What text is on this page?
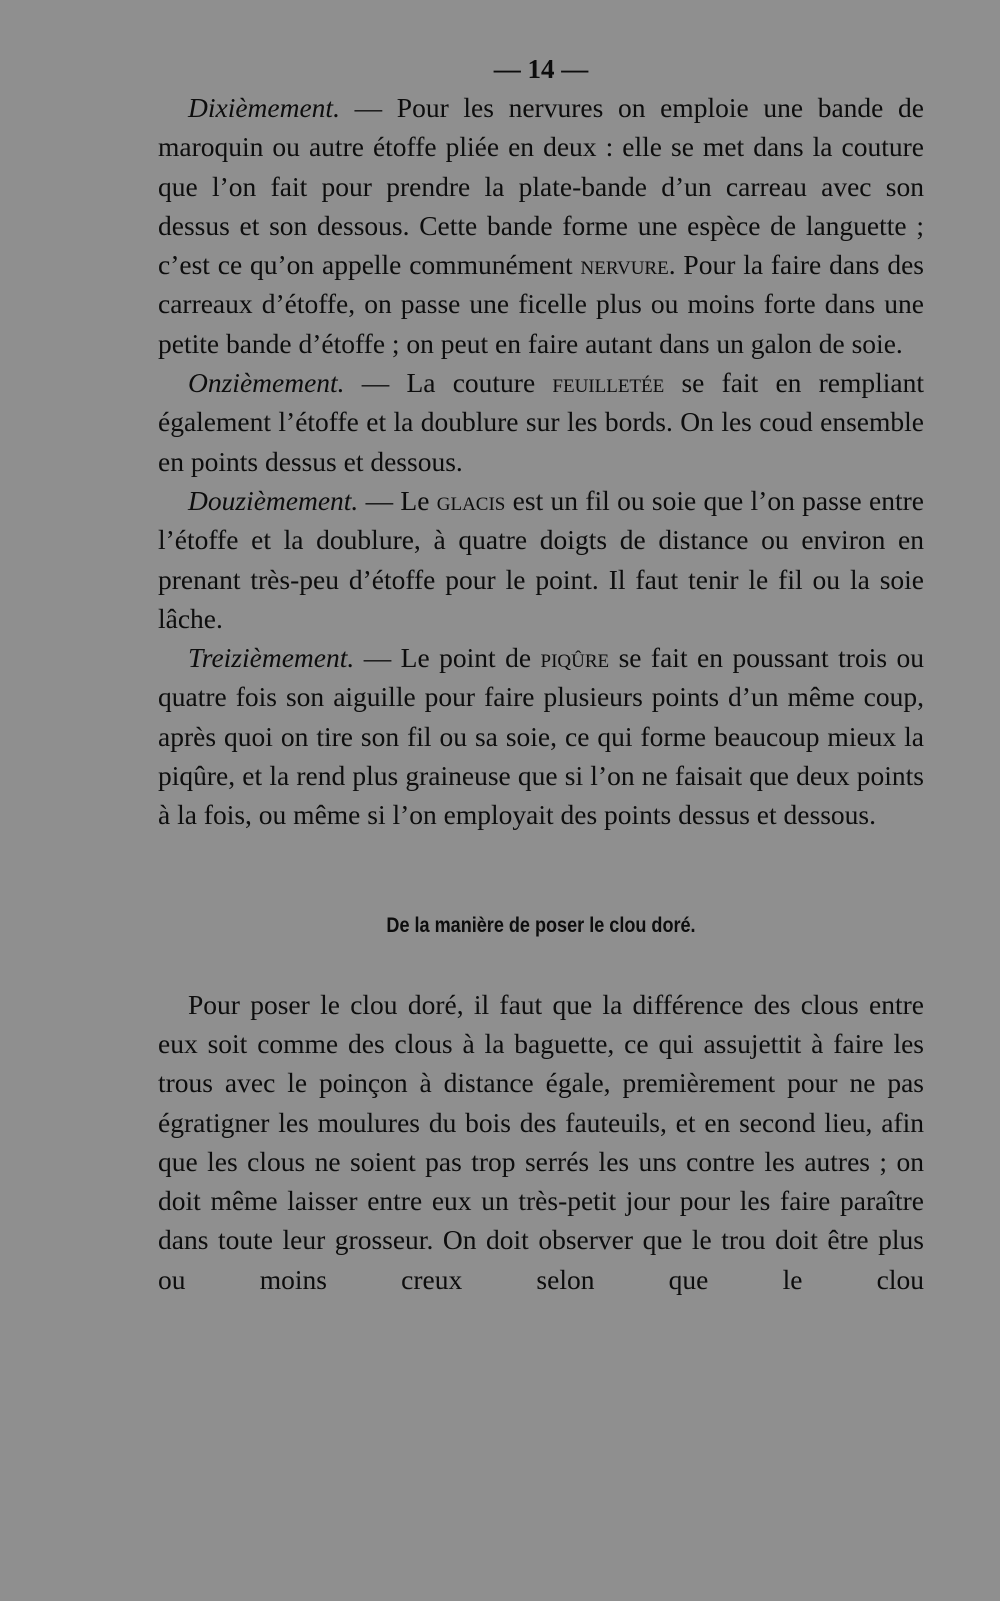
— 14 —

Dixièmement. — Pour les nervures on emploie une bande de maroquin ou autre étoffe pliée en deux : elle se met dans la couture que l’on fait pour prendre la plate-bande d’un carreau avec son dessus et son dessous. Cette bande forme une espèce de languette ; c’est ce qu’on appelle communément nervure. Pour la faire dans des carreaux d’étoffe, on passe une ficelle plus ou moins forte dans une petite bande d’étoffe ; on peut en faire autant dans un galon de soie.

Onzièmement. — La couture feuilletée se fait en rempliant également l’étoffe et la doublure sur les bords. On les coud ensemble en points dessus et dessous.

Douzièmement. — Le glacis est un fil ou soie que l’on passe entre l’étoffe et la doublure, à quatre doigts de distance ou environ en prenant très-peu d’étoffe pour le point. Il faut tenir le fil ou la soie lâche.

Treizièmement. — Le point de piqûre se fait en poussant trois ou quatre fois son aiguille pour faire plusieurs points d’un même coup, après quoi on tire son fil ou sa soie, ce qui forme beaucoup mieux la piqûre, et la rend plus graineuse que si l’on ne faisait que deux points à la fois, ou même si l’on employait des points dessus et dessous.

De la manière de poser le clou doré.

Pour poser le clou doré, il faut que la différence des clous entre eux soit comme des clous à la baguette, ce qui assujettit à faire les trous avec le poinçon à distance égale, premièrement pour ne pas égratigner les moulures du bois des fauteuils, et en second lieu, afin que les clous ne soient pas trop serrés les uns contre les autres ; on doit même laisser entre eux un très-petit jour pour les faire paraître dans toute leur grosseur. On doit observer que le trou doit être plus ou moins creux selon que le clou
